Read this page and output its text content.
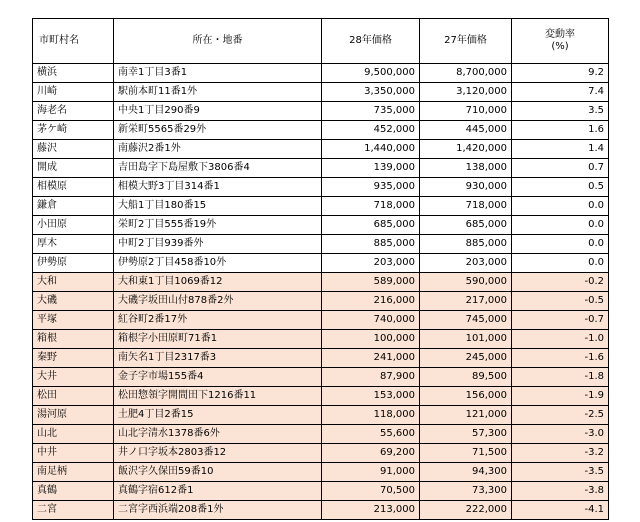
市町村名	所在・地番	28年価格	27年価格	変動率
(%)

横浜	南幸1丁目3番1	9,500,000	8,700,000	9.2
川崎	駅前本町11番1外	3,350,000	3,120,000	7.4
海老名	中央1丁目290番9	735,000	710,000	3.5
茅ケ崎	新栄町5565番29外	452,000	445,000	1.6
藤沢	南藤沢2番1外	1,440,000	1,420,000	1.4
開成	吉田島字下島屋敷下3806番4	139,000	138,000	0.7
相模原	相模大野3丁目314番1	935,000	930,000	0.5
鎌倉	大船1丁目180番15	718,000	718,000	0.0
小田原	栄町2丁目555番19外	685,000	685,000	0.0
厚木	中町2丁目939番外	885,000	885,000	0.0
伊勢原	伊勢原2丁目458番10外	203,000	203,000	0.0
大和	大和東1丁目1069番12	589,000	590,000	-0.2
大磯	大磯字坂田山付878番2外	216,000	217,000	-0.5
平塚	紅谷町2番17外	740,000	745,000	-0.7
箱根	箱根字小田原町71番1	100,000	101,000	-1.0
秦野	南矢名1丁目2317番3	241,000	245,000	-1.6
大井	金子字市場155番4	87,900	89,500	-1.8
松田	松田惣領字開間田下1216番11	153,000	156,000	-1.9
湯河原	土肥4丁目2番15	118,000	121,000	-2.5
山北	山北字清水1378番6外	55,600	57,300	-3.0
中井	井ノ口字坂本2803番12	69,200	71,500	-3.2
南足柄	飯沢字久保田59番10	91,000	94,300	-3.5
真鶴	真鶴字宿612番1	70,500	73,300	-3.8
二宮	二宮字西浜端208番1外	213,000	222,000	-4.1
